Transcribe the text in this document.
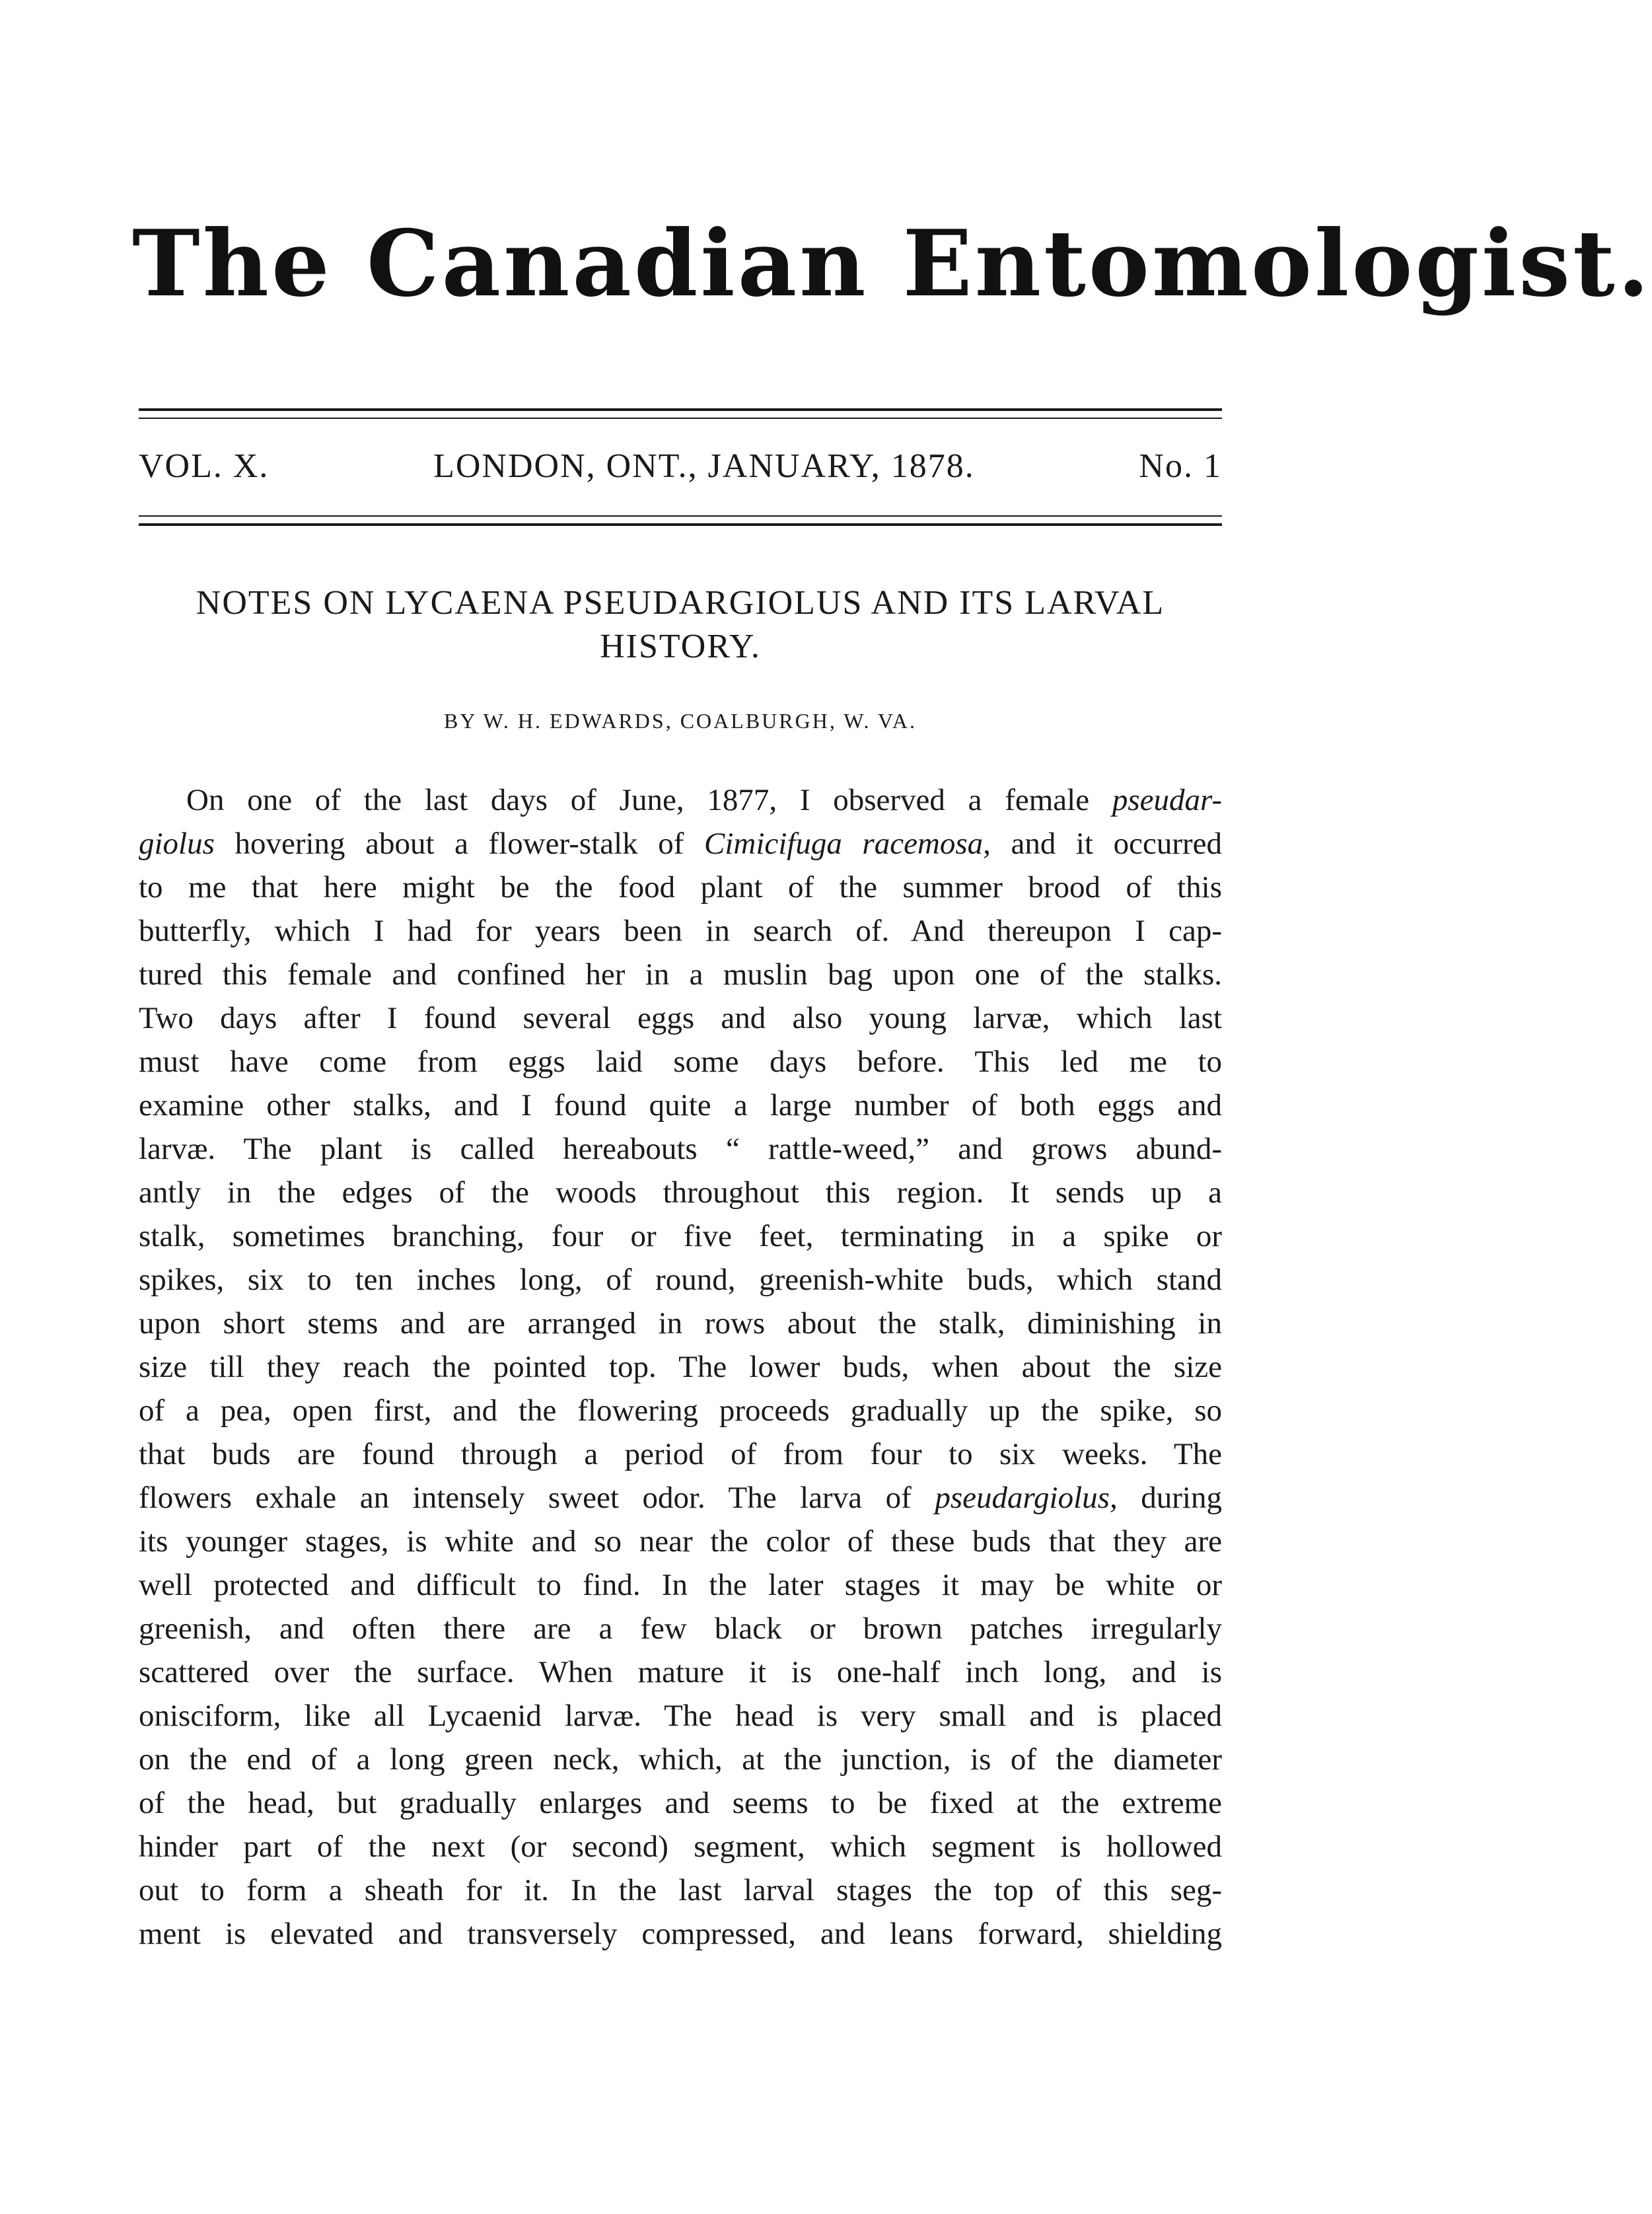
The Canadian Entomologist.
VOL. X.	LONDON, ONT., JANUARY, 1878.	No. 1
NOTES ON LYCAENA PSEUDARGIOLUS AND ITS LARVAL
HISTORY.
BY W. H. EDWARDS, COALBURGH, W. VA.
On one of the last days of June, 1877, I observed a female pseudar-
giolus hovering about a flower-stalk of Cimicifuga racemosa, and it occurred
to me that here might be the food plant of the summer brood of this
butterfly, which I had for years been in search of. And thereupon I cap-
tured this female and confined her in a muslin bag upon one of the stalks.
Two days after I found several eggs and also young larvæ, which last
must have come from eggs laid some days before. This led me to
examine other stalks, and I found quite a large number of both eggs and
larvæ. The plant is called hereabouts “ rattle-weed,” and grows abund-
antly in the edges of the woods throughout this region. It sends up a
stalk, sometimes branching, four or five feet, terminating in a spike or
spikes, six to ten inches long, of round, greenish-white buds, which stand
upon short stems and are arranged in rows about the stalk, diminishing in
size till they reach the pointed top. The lower buds, when about the size
of a pea, open first, and the flowering proceeds gradually up the spike, so
that buds are found through a period of from four to six weeks. The
flowers exhale an intensely sweet odor. The larva of pseudargiolus, during
its younger stages, is white and so near the color of these buds that they are
well protected and difficult to find. In the later stages it may be white or
greenish, and often there are a few black or brown patches irregularly
scattered over the surface. When mature it is one-half inch long, and is
onisciform, like all Lycaenid larvæ. The head is very small and is placed
on the end of a long green neck, which, at the junction, is of the diameter
of the head, but gradually enlarges and seems to be fixed at the extreme
hinder part of the next (or second) segment, which segment is hollowed
out to form a sheath for it. In the last larval stages the top of this seg-
ment is elevated and transversely compressed, and leans forward, shielding
